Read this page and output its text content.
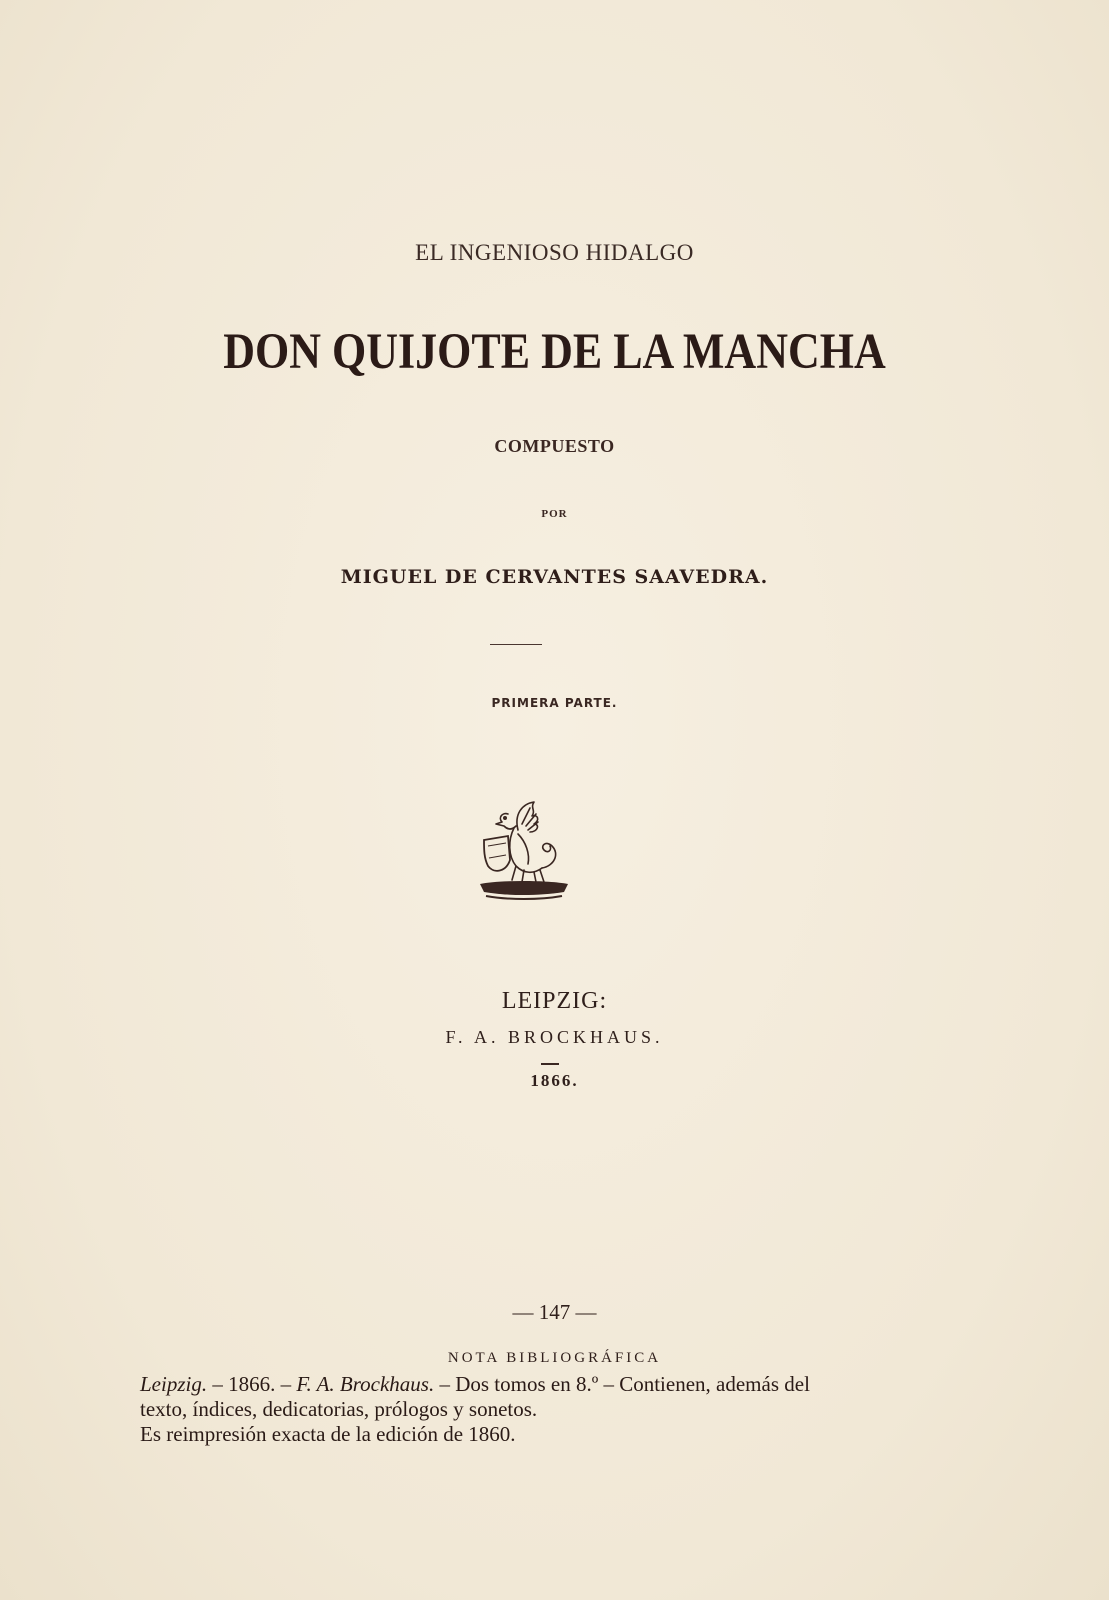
EL INGENIOSO HIDALGO
DON QUIJOTE DE LA MANCHA
COMPUESTO
POR
MIGUEL DE CERVANTES SAAVEDRA.
PRIMERA PARTE.
LEIPZIG:
F. A. BROCKHAUS.
1866.
— 147 —
NOTA BIBLIOGRÁFICA

Leipzig. – 1866. – F. A. Brockhaus. – Dos tomos en 8.º – Contienen, además del

texto, índices, dedicatorias, prólogos y sonetos.

Es reimpresión exacta de la edición de 1860.
